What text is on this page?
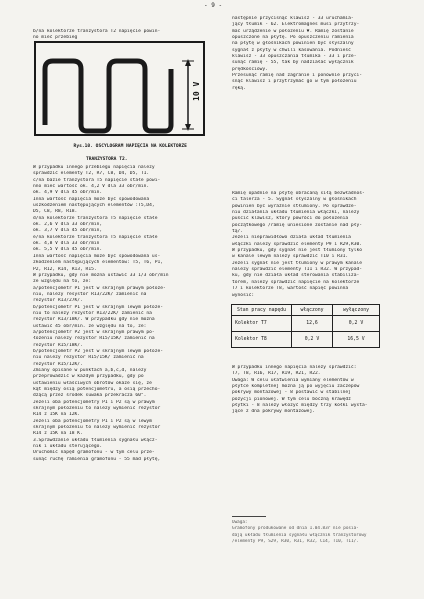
- 9 -

b/na kolektorze tranzystora T2 napięcie powin-
no mieć przebieg

10 V

Rys.10. OSCYLOGRAM NAPIĘCIA NA KOLEKTORZE

TRANZYSTORA T2.

W przypadku innego przebiegu napięcia należy
sprawdzić elementy T2, R7, C8, D4, D5, T1.
c/na bazie tranzystora T5 napięcie stałe powi-
nno mieć wartość ok. 4,2 V dla 33 obr/min.
ok. 4,9 V dla 45 obr/min.
Inna wartość napięcia może być spowodowana
uszkodzeniem następujących elementów :T5,D4,
D5, C8, R8, R18.
d/na kolektorze tranzystora T5 napięcie stałe
ok. 2,6 V dla 33 obr/min,
ok. 3,7 V dla 45 obr/min,
e/na kolektorze tranzystora T5 napięcie stałe
ok. 4,8 V dla 33 obr/min
ok. 5,5 V dla 45 obr/min.
Inna wartość napięcia może być spowodowana us-
zkodzeniem następujących elementów: T5, T6, P1,
P2, R12, R14, R13, R15.
W przypadku, gdy nie można ustawić 33 1/3 obr/min
ze względu na to, że:
a/potencjometr P1 jest w skrajnym prawym położe-
niu, należy resystor R13/22K/ zamienić na
rezystor R13/27K/.
b/potencjometr P1 jest w skrajnym lewym położe-
niu to należy rezystor R13/22K/ zamienić na
rezystor R13/18K/. W przypadku gdy nie można
ustawić 45 obr/min. ze względu na to, że:
a/potencjometr P2 jest w skrajnym prawym po-
łożeniu należy rezystor R15/15K/ zamienić na
rezystor R15/18K/.
b/potencjometr P2 jest w skrajnym lewym położe-
niu należy rezystor R15/15K/ zamienić na
rezystor R15/12K/.
Zmiany opisane w punktach a,b,c,d, należy
przeprowadzić w każdym przypadku, gdy po
ustawieniu właściwych obrotów okaże się, że
kąt między osią potencjometru, a osią przecho-
dzącą przez środek suwaka przekracza 60°.
Jeżeli oba potencjometry P1 i P2 są w prawym
skrajnym położeniu to należy wymienić rezystor
R14 z 15K na 12K.
Jeżeli oba potencjometry P1 i P2 są w lewym
skrajnym położeniu to należy wymienić rezystor
R14 z 15K na 18 K.
3.Sprawdzanie układu tłumienia sygnału włącz-
nik i układu sterującego.
Uruchomić napęd gramofonu - w tym celu prze-
sunąć ruchę ramienia gramofonu - 55 mad płytę,
następnie przycisnąć klawisz - 33 uruchamia-
jący tłumik - 62. Elektromagnes musi przytrzy-
mać urządzenie w położeniu ▼. Ramię zostanie
opuszczone na płytę. Po opuszczeniu ramienia
na płytę w głośnikach powinien być słyszalny
sygnał z płyty w chwili kasowania. Podnieść
klawisz - 33 opuszczania tłumika - 33 i prze-
sunąć ramię - 55, tak by nadziałać wyłącznik
prędkościowy.
Przesunąć ramię nad zagranie i ponownie przyci-
snąć klawisz i przytrzymać go w tym położeniu
ręką.
Ramię opadnie na płytę obracaną siłą bezwładnoś-
ci talerza - 5. Sygnał słyszalny w głośnikach
powinien być wyraźnie stłumiony. Po sprawdze-
niu działania układu tłumienia włączki, należy
puścić klawisz, który powróci do położenia
początkowego /ramię uniesione zostanie nad pły-
tą/.
Jeżeli nieprawidłowo działa układ tłumienia
włączki należy sprawdzić elementy P9 i R29,R30.
W przypadku, gdy sygnał nie jest tłumiony tylko
w kanale lewym należy sprawdzić T10 i R31.
Jeżeli sygnał nie jest tłumiony w prawym kanale
należy sprawdzić elementy T11 i R32. W przypad-
ku, gdy nie działa układ sterowania stabiliza-
torem, należy sprawdzić napięcie na kolektorze
T7 i kolektorze T8, wartość napięć powinna
wynosić:
Stan pracy napędu	włączony	wyłączony
Kolektor T7	12,6	0,2 V
Kolektor T8	0,2 V	16,5 V
W przypadku innego napięcia należy sprawdzić:
T7, T8, R16, R17, R19, R21, R22.
Uwaga: W celu ułatwienia wymiany elementów w
płytce kompletnej można ją po wyjęciu zaczepów
pokrywy montażowej - 8 postawić w stabilnej
pozycji pionowej. W tym celu boczną krawędź
płytki - 8 należy włożyć między trzy kołki wysta-
jące z dna pokrywy montażowej.
Uwaga:
Gramofony produkowane od dnia 1.04.83r nie posia-
dają układu tłumienia sygnału włącznik tranzystorowy
/elementy P9, S29, R30, R31, R32, C14, T10, T11/.
